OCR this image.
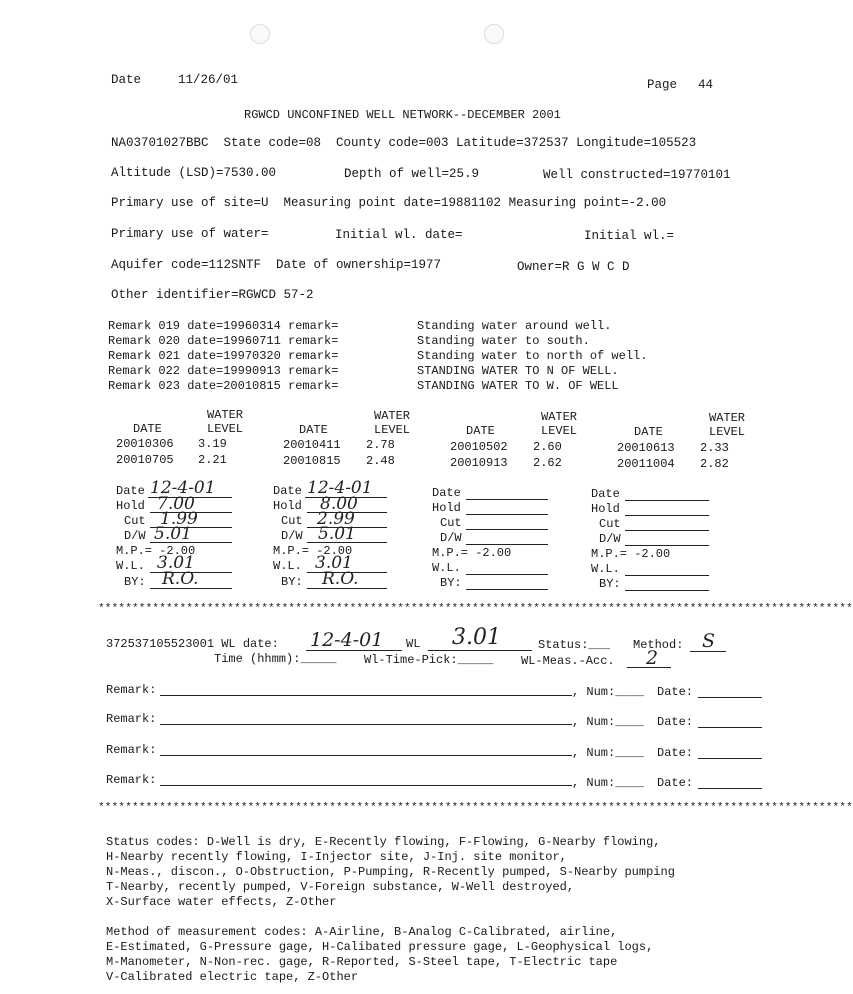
Date	11/26/01	Page 44
RGWCD UNCONFINED WELL NETWORK--DECEMBER 2001
NA03701027BBC  State code=08  County code=003 Latitude=372537 Longitude=105523
Altitude (LSD)=7530.00	Depth of well=25.9	Well constructed=19770101
Primary use of site=U  Measuring point date=19881102 Measuring point=-2.00
Primary use of water=	Initial wl. date=	Initial wl.=
Aquifer code=112SNTF  Date of ownership=1977	Owner=R G W C D
Other identifier=RGWCD 57-2
Remark 019 date=19960314 remark=	Standing water around well.
Remark 020 date=19960711 remark=	Standing water to south.
Remark 021 date=19970320 remark=	Standing water to north of well.
Remark 022 date=19990913 remark=	STANDING WATER TO N OF WELL.
Remark 023 date=20010815 remark=	STANDING WATER TO W. OF WELL
WATER	WATER	WATER	WATER
DATE	LEVEL	DATE	LEVEL	DATE	LEVEL	DATE	LEVEL
20010306 3.19	20010411 2.78	20010502 2.60	20010613 2.33
20010705 2.21	20010815 2.48	20010913 2.62	20011004 2.82
Date 12-4-01
Hold 7.00
Cut 1.99
D/W 5.01
M.P.= -2.00
W.L. 3.01
BY: R.O.
Date 12-4-01
Hold 8.00
Cut 2.99
D/W 5.01
M.P.= -2.00
W.L. 3.01
BY: R.O.
Date
Hold
Cut
D/W
M.P.= -2.00
W.L.
BY:
Date
Hold
Cut
D/W
M.P.= -2.00
W.L.
BY:
***************************************************************************************************************
372537105523001 WL date: 12-4-01 WL 3.01	Status:___ Method: S
Time (hhmm):_____ Wl-Time-Pick:_____ WL-Meas.-Acc. 2
Remark:	, Num:____ Date:
Remark:	, Num:____ Date:
Remark:	, Num:____ Date:
Remark:	, Num:____ Date:
***************************************************************************************************************
Status codes: D-Well is dry, E-Recently flowing, F-Flowing, G-Nearby flowing,
H-Nearby recently flowing, I-Injector site, J-Inj. site monitor,
N-Meas., discon., O-Obstruction, P-Pumping, R-Recently pumped, S-Nearby pumping
T-Nearby, recently pumped, V-Foreign substance, W-Well destroyed,
X-Surface water effects, Z-Other
Method of measurement codes: A-Airline, B-Analog C-Calibrated, airline,
E-Estimated, G-Pressure gage, H-Calibated pressure gage, L-Geophysical logs,
M-Manometer, N-Non-rec. gage, R-Reported, S-Steel tape, T-Electric tape
V-Calibrated electric tape, Z-Other
